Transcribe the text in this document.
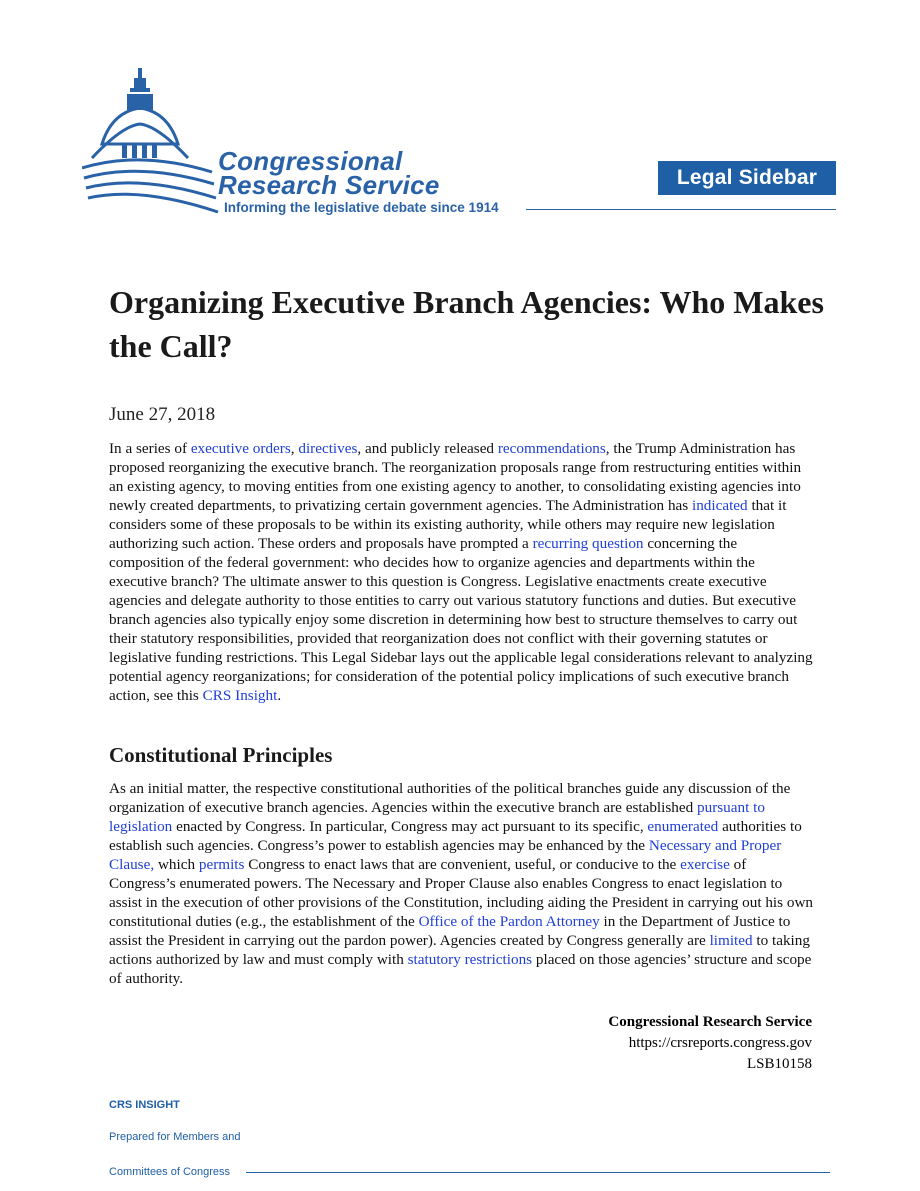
Congressional
Research Service
Informing the legislative debate since 1914
Legal Sidebar
Organizing Executive Branch Agencies: Who Makes the Call?
June 27, 2018

In a series of executive orders, directives, and publicly released recommendations, the Trump Administration has proposed reorganizing the executive branch. The reorganization proposals range from restructuring entities within an existing agency, to moving entities from one existing agency to another, to consolidating existing agencies into newly created departments, to privatizing certain government agencies. The Administration has indicated that it considers some of these proposals to be within its existing authority, while others may require new legislation authorizing such action. These orders and proposals have prompted a recurring question concerning the composition of the federal government: who decides how to organize agencies and departments within the executive branch? The ultimate answer to this question is Congress. Legislative enactments create executive agencies and delegate authority to those entities to carry out various statutory functions and duties. But executive branch agencies also typically enjoy some discretion in determining how best to structure themselves to carry out their statutory responsibilities, provided that reorganization does not conflict with their governing statutes or legislative funding restrictions. This Legal Sidebar lays out the applicable legal considerations relevant to analyzing potential agency reorganizations; for consideration of the potential policy implications of such executive branch action, see this CRS Insight.

Constitutional Principles

As an initial matter, the respective constitutional authorities of the political branches guide any discussion of the organization of executive branch agencies. Agencies within the executive branch are established pursuant to legislation enacted by Congress. In particular, Congress may act pursuant to its specific, enumerated authorities to establish such agencies. Congress’s power to establish agencies may be enhanced by the Necessary and Proper Clause, which permits Congress to enact laws that are convenient, useful, or conducive to the exercise of Congress’s enumerated powers. The Necessary and Proper Clause also enables Congress to enact legislation to assist in the execution of other provisions of the Constitution, including aiding the President in carrying out his own constitutional duties (e.g., the establishment of the Office of the Pardon Attorney in the Department of Justice to assist the President in carrying out the pardon power). Agencies created by Congress generally are limited to taking actions authorized by law and must comply with statutory restrictions placed on those agencies’ structure and scope of authority.

Congressional Research Service
https://crsreports.congress.gov
LSB10158
CRS INSIGHT
Prepared for Members and
Committees of Congress
